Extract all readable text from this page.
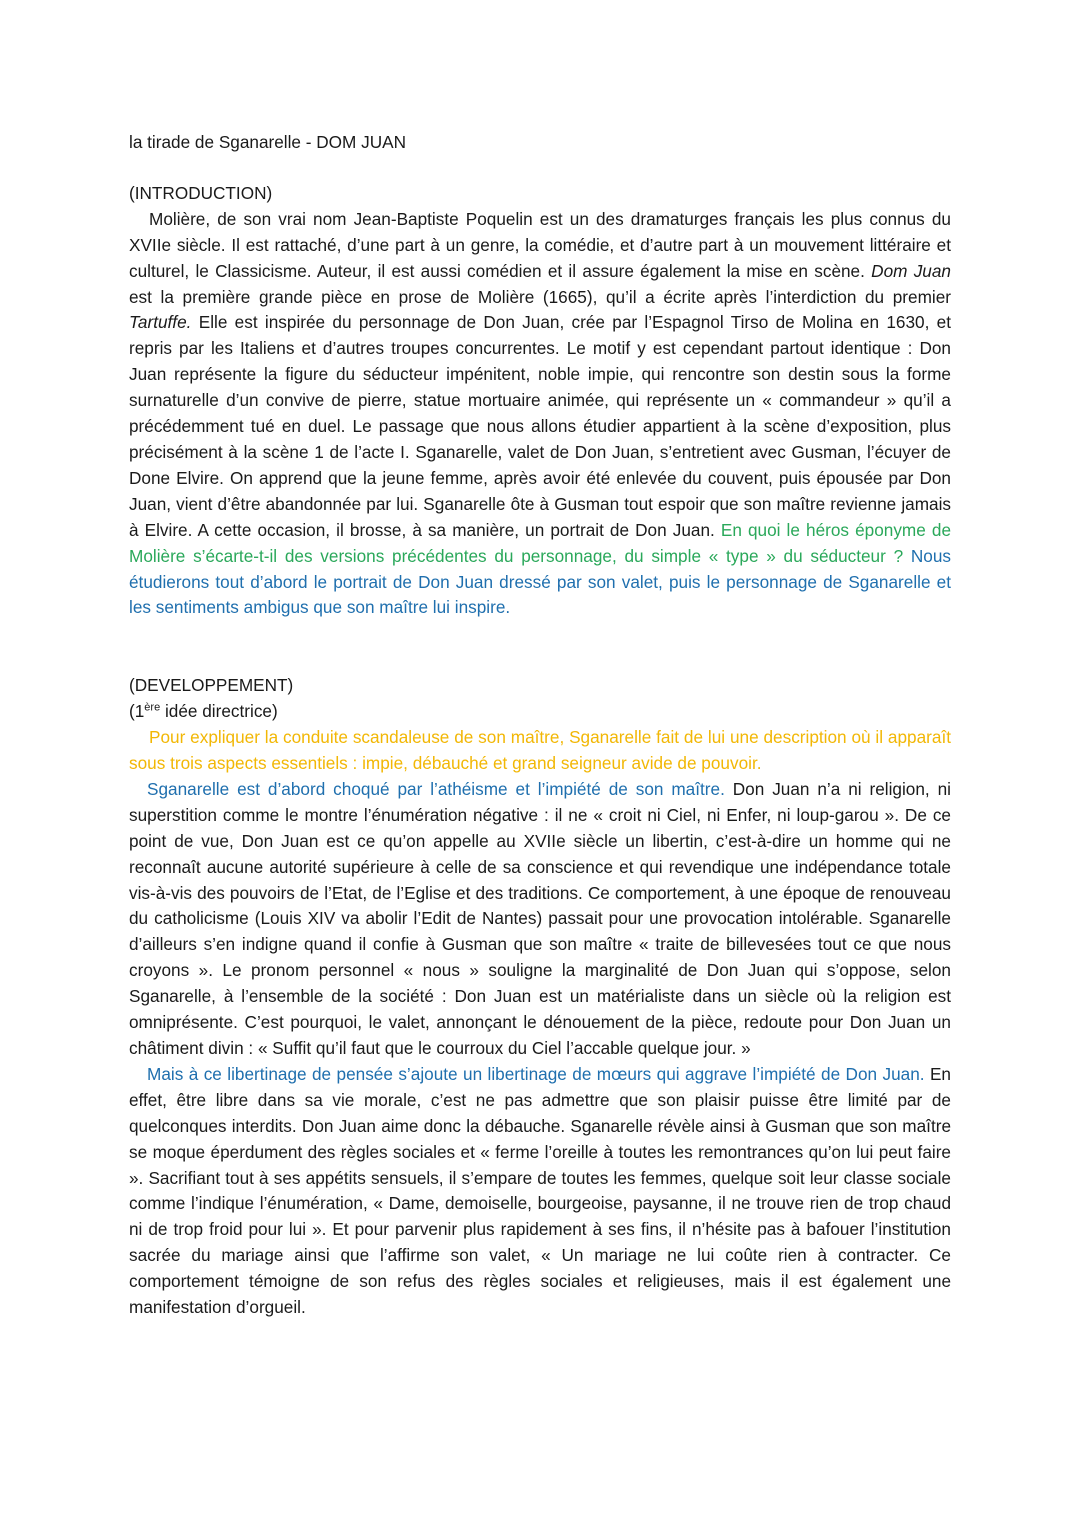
la tirade de Sganarelle - DOM JUAN

(INTRODUCTION)

Molière, de son vrai nom Jean-Baptiste Poquelin est un des dramaturges français les plus connus du XVIIe siècle. Il est rattaché, d’une part à un genre, la comédie, et d’autre part à un mouvement littéraire et culturel, le Classicisme. Auteur, il est aussi comédien et il assure également la mise en scène. Dom Juan est la première grande pièce en prose de Molière (1665), qu’il a écrite après l’interdiction du premier Tartuffe. Elle est inspirée du personnage de Don Juan, crée par l’Espagnol Tirso de Molina en 1630, et repris par les Italiens et d’autres troupes concurrentes. Le motif y est cependant partout identique : Don Juan représente la figure du séducteur impénitent, noble impie, qui rencontre son destin sous la forme surnaturelle d’un convive de pierre, statue mortuaire animée, qui représente un « commandeur » qu’il a précédemment tué en duel. Le passage que nous allons étudier appartient à la scène d’exposition, plus précisément à la scène 1 de l’acte I. Sganarelle, valet de Don Juan, s’entretient avec Gusman, l’écuyer de Done Elvire. On apprend que la jeune femme, après avoir été enlevée du couvent, puis épousée par Don Juan, vient d’être abandonnée par lui. Sganarelle ôte à Gusman tout espoir que son maître revienne jamais à Elvire. A cette occasion, il brosse, à sa manière, un portrait de Don Juan. En quoi le héros éponyme de Molière s’écarte-t-il des versions précédentes du personnage, du simple « type » du séducteur ? Nous étudierons tout d’abord le portrait de Don Juan dressé par son valet, puis le personnage de Sganarelle et les sentiments ambigus que son maître lui inspire.

(DEVELOPPEMENT)

(1ère idée directrice)

Pour expliquer la conduite scandaleuse de son maître, Sganarelle fait de lui une description où il apparaît sous trois aspects essentiels : impie, débauché et grand seigneur avide de pouvoir.

Sganarelle est d’abord choqué par l’athéisme et l’impiété de son maître. Don Juan n’a ni religion, ni superstition comme le montre l’énumération négative : il ne « croit ni Ciel, ni Enfer, ni loup-garou ». De ce point de vue, Don Juan est ce qu’on appelle au XVIIe siècle un libertin, c’est-à-dire un homme qui ne reconnaît aucune autorité supérieure à celle de sa conscience et qui revendique une indépendance totale vis-à-vis des pouvoirs de l’Etat, de l’Eglise et des traditions. Ce comportement, à une époque de renouveau du catholicisme (Louis XIV va abolir l’Edit de Nantes) passait pour une provocation intolérable. Sganarelle d’ailleurs s’en indigne quand il confie à Gusman que son maître « traite de billevesées tout ce que nous croyons ». Le pronom personnel « nous » souligne la marginalité de Don Juan qui s’oppose, selon Sganarelle, à l’ensemble de la société : Don Juan est un matérialiste dans un siècle où la religion est omniprésente. C’est pourquoi, le valet, annonçant le dénouement de la pièce, redoute pour Don Juan un châtiment divin : « Suffit qu’il faut que le courroux du Ciel l’accable quelque jour. »

Mais à ce libertinage de pensée s’ajoute un libertinage de mœurs qui aggrave l’impiété de Don Juan. En effet, être libre dans sa vie morale, c’est ne pas admettre que son plaisir puisse être limité par de quelconques interdits. Don Juan aime donc la débauche. Sganarelle révèle ainsi à Gusman que son maître se moque éperdument des règles sociales et « ferme l’oreille à toutes les remontrances qu’on lui peut faire ». Sacrifiant tout à ses appétits sensuels, il s’empare de toutes les femmes, quelque soit leur classe sociale comme l’indique l’énumération, « Dame, demoiselle, bourgeoise, paysanne, il ne trouve rien de trop chaud ni de trop froid pour lui ». Et pour parvenir plus rapidement à ses fins, il n’hésite pas à bafouer l’institution sacrée du mariage ainsi que l’affirme son valet, « Un mariage ne lui coûte rien à contracter. Ce comportement témoigne de son refus des règles sociales et religieuses, mais il est également une manifestation d’orgueil.
